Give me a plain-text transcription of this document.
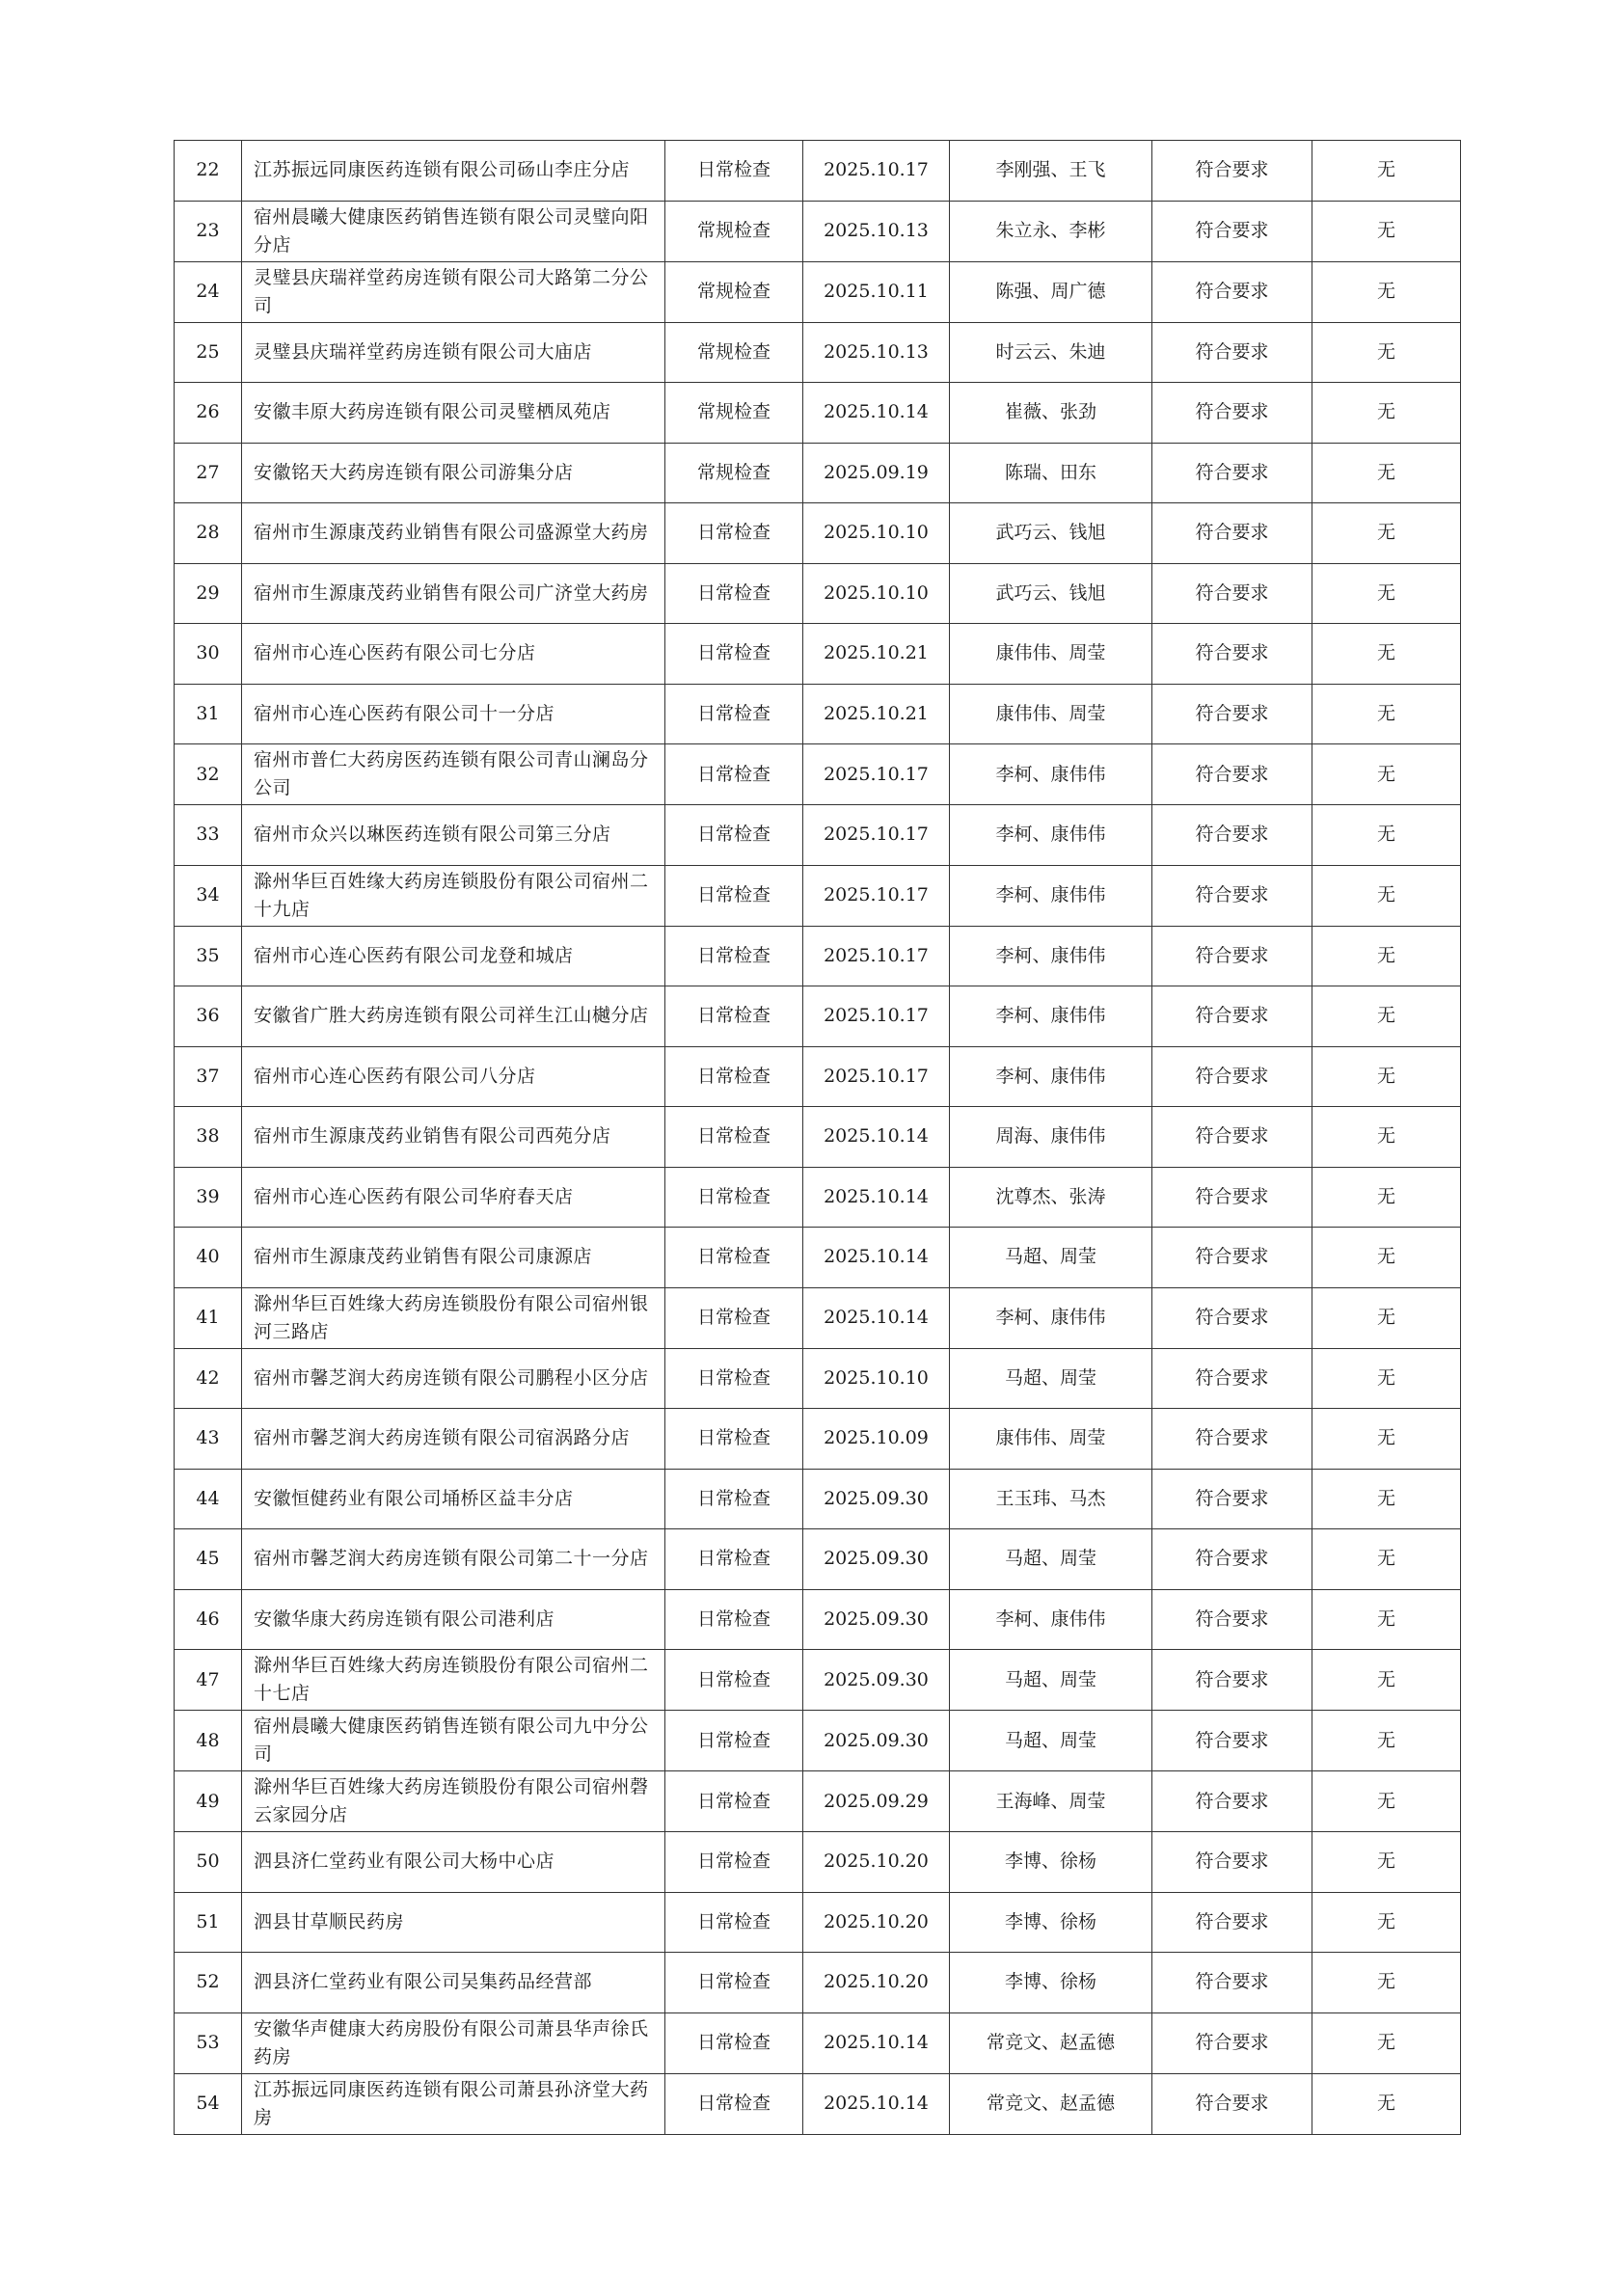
22	江苏振远同康医药连锁有限公司砀山李庄分店	日常检查	2025.10.17	李刚强、王飞	符合要求	无
23	宿州晨曦大健康医药销售连锁有限公司灵璧向阳分店	常规检查	2025.10.13	朱立永、李彬	符合要求	无
24	灵璧县庆瑞祥堂药房连锁有限公司大路第二分公司	常规检查	2025.10.11	陈强、周广德	符合要求	无
25	灵璧县庆瑞祥堂药房连锁有限公司大庙店	常规检查	2025.10.13	时云云、朱迪	符合要求	无
26	安徽丰原大药房连锁有限公司灵璧栖凤苑店	常规检查	2025.10.14	崔薇、张劲	符合要求	无
27	安徽铭天大药房连锁有限公司游集分店	常规检查	2025.09.19	陈瑞、田东	符合要求	无
28	宿州市生源康茂药业销售有限公司盛源堂大药房	日常检查	2025.10.10	武巧云、钱旭	符合要求	无
29	宿州市生源康茂药业销售有限公司广济堂大药房	日常检查	2025.10.10	武巧云、钱旭	符合要求	无
30	宿州市心连心医药有限公司七分店	日常检查	2025.10.21	康伟伟、周莹	符合要求	无
31	宿州市心连心医药有限公司十一分店	日常检查	2025.10.21	康伟伟、周莹	符合要求	无
32	宿州市普仁大药房医药连锁有限公司青山澜岛分公司	日常检查	2025.10.17	李柯、康伟伟	符合要求	无
33	宿州市众兴以琳医药连锁有限公司第三分店	日常检查	2025.10.17	李柯、康伟伟	符合要求	无
34	滁州华巨百姓缘大药房连锁股份有限公司宿州二十九店	日常检查	2025.10.17	李柯、康伟伟	符合要求	无
35	宿州市心连心医药有限公司龙登和城店	日常检查	2025.10.17	李柯、康伟伟	符合要求	无
36	安徽省广胜大药房连锁有限公司祥生江山樾分店	日常检查	2025.10.17	李柯、康伟伟	符合要求	无
37	宿州市心连心医药有限公司八分店	日常检查	2025.10.17	李柯、康伟伟	符合要求	无
38	宿州市生源康茂药业销售有限公司西苑分店	日常检查	2025.10.14	周海、康伟伟	符合要求	无
39	宿州市心连心医药有限公司华府春天店	日常检查	2025.10.14	沈尊杰、张涛	符合要求	无
40	宿州市生源康茂药业销售有限公司康源店	日常检查	2025.10.14	马超、周莹	符合要求	无
41	滁州华巨百姓缘大药房连锁股份有限公司宿州银河三路店	日常检查	2025.10.14	李柯、康伟伟	符合要求	无
42	宿州市馨芝润大药房连锁有限公司鹏程小区分店	日常检查	2025.10.10	马超、周莹	符合要求	无
43	宿州市馨芝润大药房连锁有限公司宿涡路分店	日常检查	2025.10.09	康伟伟、周莹	符合要求	无
44	安徽恒健药业有限公司埇桥区益丰分店	日常检查	2025.09.30	王玉玮、马杰	符合要求	无
45	宿州市馨芝润大药房连锁有限公司第二十一分店	日常检查	2025.09.30	马超、周莹	符合要求	无
46	安徽华康大药房连锁有限公司港利店	日常检查	2025.09.30	李柯、康伟伟	符合要求	无
47	滁州华巨百姓缘大药房连锁股份有限公司宿州二十七店	日常检查	2025.09.30	马超、周莹	符合要求	无
48	宿州晨曦大健康医药销售连锁有限公司九中分公司	日常检查	2025.09.30	马超、周莹	符合要求	无
49	滁州华巨百姓缘大药房连锁股份有限公司宿州磬云家园分店	日常检查	2025.09.29	王海峰、周莹	符合要求	无
50	泗县济仁堂药业有限公司大杨中心店	日常检查	2025.10.20	李博、徐杨	符合要求	无
51	泗县甘草顺民药房	日常检查	2025.10.20	李博、徐杨	符合要求	无
52	泗县济仁堂药业有限公司吴集药品经营部	日常检查	2025.10.20	李博、徐杨	符合要求	无
53	安徽华声健康大药房股份有限公司萧县华声徐氏药房	日常检查	2025.10.14	常竞文、赵孟德	符合要求	无
54	江苏振远同康医药连锁有限公司萧县孙济堂大药房	日常检查	2025.10.14	常竞文、赵孟德	符合要求	无
